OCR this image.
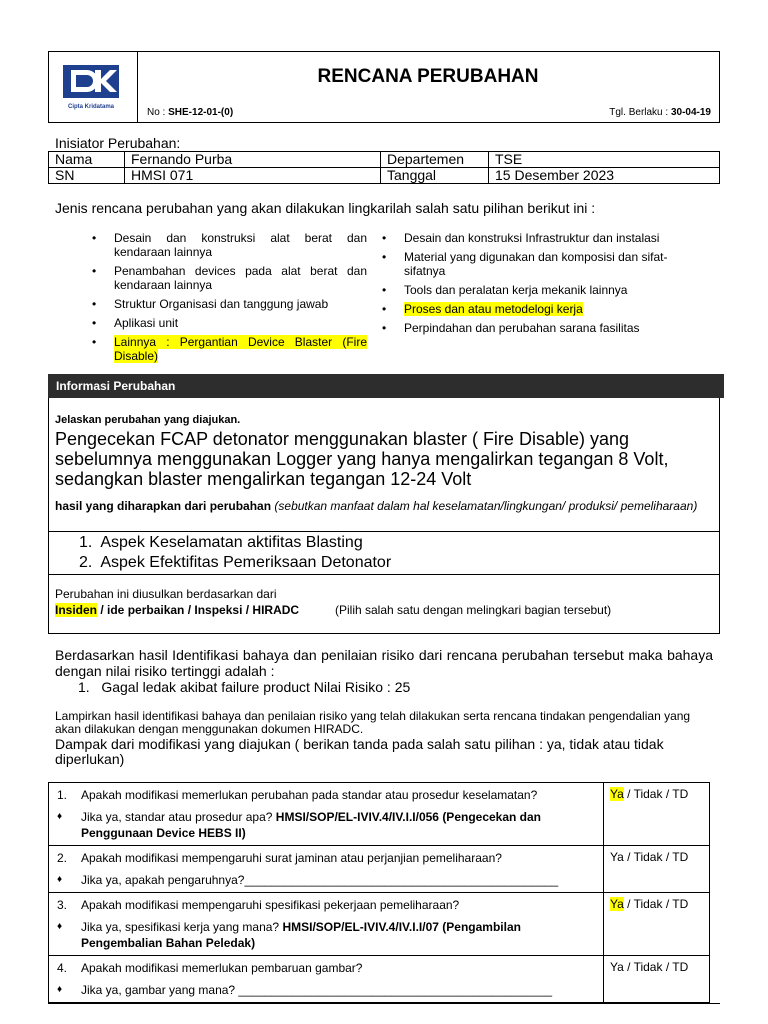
Cipta Kridatama
RENCANA PERUBAHAN
No : SHE-12-01-(0)	Tgl. Berlaku : 30-04-19
Inisiator Perubahan:
Nama	Fernando Purba	Departemen	TSE
SN	HMSI 071	Tanggal	15 Desember 2023
Jenis rencana perubahan yang akan dilakukan lingkarilah salah satu pilihan berikut ini :
• Desain dan konstruksi alat berat dan kendaraan lainnya
• Penambahan devices pada alat berat dan kendaraan lainnya
• Struktur Organisasi dan tanggung jawab
• Aplikasi unit
• Lainnya : Pergantian Device Blaster (Fire Disable)
• Desain dan konstruksi Infrastruktur dan instalasi
• Material yang digunakan dan komposisi dan sifat-sifatnya
• Tools dan peralatan kerja mekanik lainnya
• Proses dan atau metodelogi kerja
• Perpindahan dan perubahan sarana fasilitas
Informasi Perubahan
Jelaskan perubahan yang diajukan.
Pengecekan FCAP detonator menggunakan blaster ( Fire Disable) yang sebelumnya menggunakan Logger yang hanya mengalirkan tegangan 8 Volt, sedangkan blaster mengalirkan tegangan 12-24 Volt
hasil yang diharapkan dari perubahan (sebutkan manfaat dalam hal keselamatan/lingkungan/ produksi/ pemeliharaan)
1.  Aspek Keselamatan aktifitas Blasting
2.  Aspek Efektifitas Pemeriksaan Detonator
Perubahan ini diusulkan berdasarkan dari
Insiden / ide perbaikan / Inspeksi / HIRADC	(Pilih salah satu dengan melingkari bagian tersebut)
Berdasarkan hasil Identifikasi bahaya dan penilaian risiko dari rencana perubahan tersebut maka bahaya dengan nilai risiko tertinggi adalah :
1.   Gagal ledak akibat failure product Nilai Risiko : 25
Lampirkan hasil identifikasi bahaya dan penilaian risiko yang telah dilakukan serta rencana tindakan pengendalian yang akan dilakukan dengan menggunakan dokumen HIRADC.
Dampak dari modifikasi yang diajukan ( berikan tanda pada salah satu pilihan : ya, tidak atau tidak diperlukan)
1. Apakah modifikasi memerlukan perubahan pada standar atau prosedur keselamatan?
♦ Jika ya, standar atau prosedur apa? HMSI/SOP/EL-IVIV.4/IV.I.I/056 (Pengecekan dan Penggunaan Device HEBS II)	Ya / Tidak / TD

2. Apakah modifikasi mempengaruhi surat jaminan atau perjanjian pemeliharaan?
♦ Jika ya, apakah pengaruhnya?_______________________________________________	Ya / Tidak / TD

3. Apakah modifikasi mempengaruhi spesifikasi pekerjaan pemeliharaan?
♦ Jika ya, spesifikasi kerja yang mana? HMSI/SOP/EL-IVIV.4/IV.I.I/07 (Pengambilan Pengembalian Bahan Peledak)	Ya / Tidak / TD

4. Apakah modifikasi memerlukan pembaruan gambar?
♦ Jika ya, gambar yang mana? _______________________________________________	Ya / Tidak / TD
